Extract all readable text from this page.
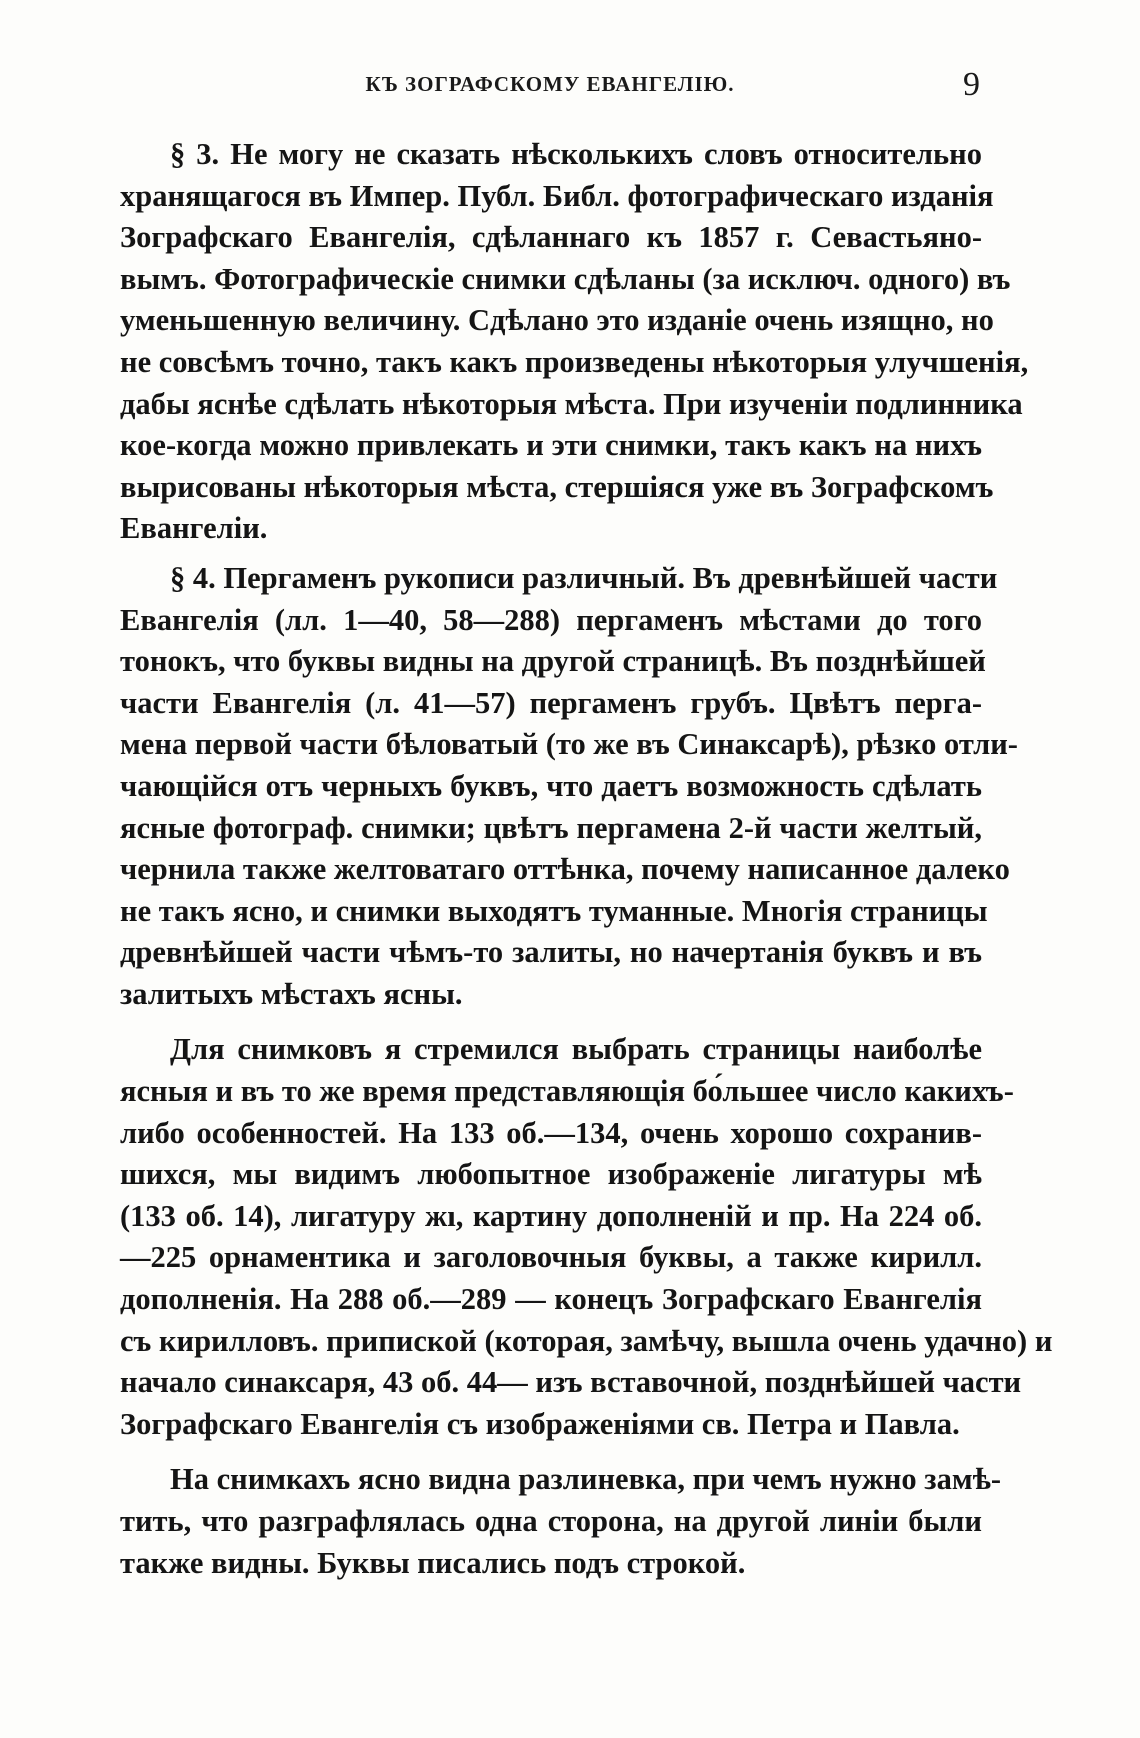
КЪ ЗОГРАФСКОМУ ЕВАНГЕЛІЮ.	9
§ 3. Не могу не сказать нѣсколькихъ словъ относительно
хранящагося въ Импер. Публ. Библ. фотографическаго изданія
Зографскаго Евангелія, сдѣланнаго къ 1857 г. Севастьяно-
вымъ. Фотографическіе снимки сдѣланы (за исключ. одного) въ
уменьшенную величину. Сдѣлано это изданіе очень изящно, но
не совсѣмъ точно, такъ какъ произведены нѣкоторыя улучшенія,
дабы яснѣе сдѣлать нѣкоторыя мѣста. При изученіи подлинника
кое-когда можно привлекать и эти снимки, такъ какъ на нихъ
вырисованы нѣкоторыя мѣста, стершіяся уже въ Зографскомъ
Евангеліи.
§ 4. Пергаменъ рукописи различный. Въ древнѣйшей части
Евангелія (лл. 1—40, 58—288) пергаменъ мѣстами до того
тонокъ, что буквы видны на другой страницѣ. Въ позднѣйшей
части Евангелія (л. 41—57) пергаменъ грубъ. Цвѣтъ перга-
мена первой части бѣловатый (то же въ Синаксарѣ), рѣзко отли-
чающійся отъ черныхъ буквъ, что даетъ возможность сдѣлать
ясные фотограф. снимки; цвѣтъ пергамена 2-й части желтый,
чернила также желтоватаго оттѣнка, почему написанное далеко
не такъ ясно, и снимки выходятъ туманные. Многія страницы
древнѣйшей части чѣмъ-то залиты, но начертанія буквъ и въ
залитыхъ мѣстахъ ясны.
Для снимковъ я стремился выбрать страницы наиболѣе
ясныя и въ то же время представляющія бо́льшее число какихъ-
либо особенностей. На 133 об.—134, очень хорошо сохранив-
шихся, мы видимъ любопытное изображеніе лигатуры мѣ
(133 об. 14), лигатуру жı, картину дополненій и пр. На 224 об.
—225 орнаментика и заголовочныя буквы, а также кирилл.
дополненія. На 288 об.—289 — конецъ Зографскаго Евангелія
съ кирилловъ. припиской (которая, замѣчу, вышла очень удачно) и
начало синаксаря, 43 об. 44— изъ вставочной, позднѣйшей части
Зографскаго Евангелія съ изображеніями св. Петра и Павла.
На снимкахъ ясно видна разлиневка, при чемъ нужно замѣ-
тить, что разграфлялась одна сторона, на другой линіи были
также видны. Буквы писались подъ строкой.
